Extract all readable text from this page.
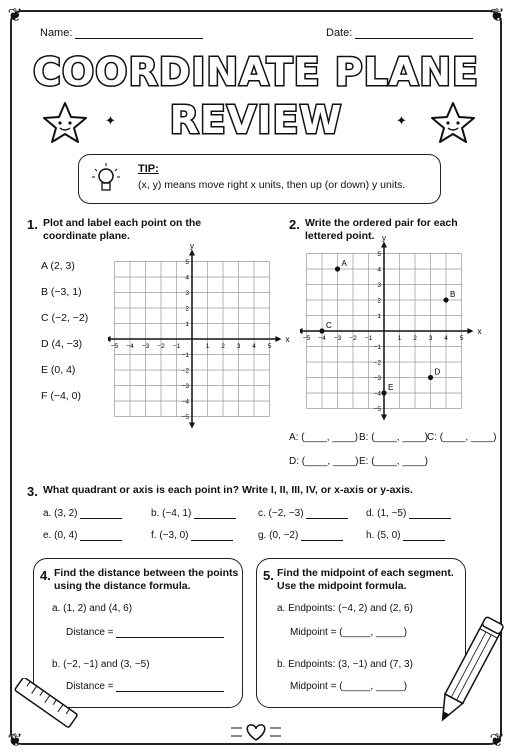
❦	❦
❦	❦
Name:	Date:
COORDINATE PLANE
REVIEW
✦	✦
TIP:
(x, y) means move right x units, then up (or down) y units.
1. Plot and label each point on the
coordinate plane.
A (2, 3)
B (−3, 1)
C (−2, −2)
D (4, −3)
E (0, 4)
F (−4, 0)
x
y
−5 −4 −3 −2 −1	1 2 3 4 5
5
4
3
2
1
−1
−2
−3
−4
−5
2. Write the ordered pair for each
lettered point.
x
y
−5 −4 −3 −2 −1	1 2 3 4 5
5
4
3
2
1
−1
−2
−3
−4
−5
A
B
C
D
E
A: (____, ____) B: (____, ____) C: (____, ____)
D: (____, ____) E: (____, ____)
3. What quadrant or axis is each point in? Write I, II, III, IV, or x-axis or y-axis.
a. (3, 2)	b. (−4, 1)	c. (−2, −3)	d. (1, −5)
e. (0, 4)	f. (−3, 0)	g. (0, −2)	h. (5, 0)
4. Find the distance between the points
using the distance formula.
a. (1, 2) and (4, 6)
Distance =
b. (−2, −1) and (3, −5)
Distance =
5. Find the midpoint of each segment.
Use the midpoint formula.
a. Endpoints: (−4, 2) and (2, 6)
Midpoint = (_____, _____)
b. Endpoints: (3, −1) and (7, 3)
Midpoint = (_____, _____)
